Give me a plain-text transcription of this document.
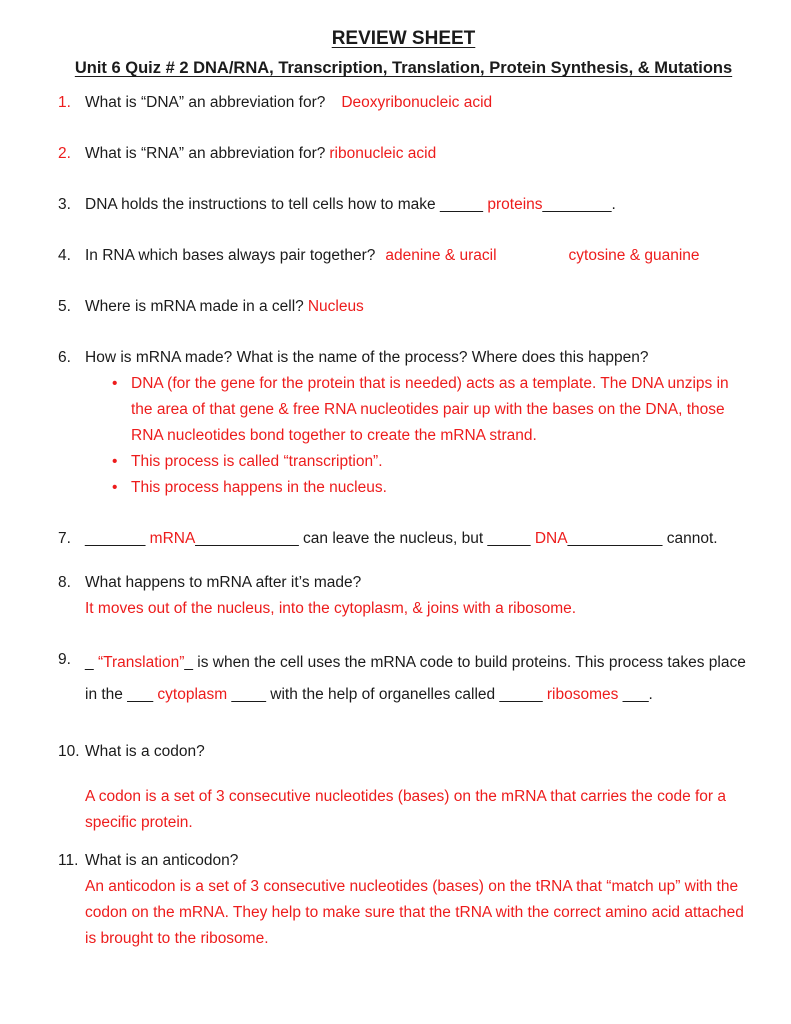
REVIEW SHEET
Unit 6 Quiz # 2 DNA/RNA, Transcription, Translation, Protein Synthesis, & Mutations
1. What is “DNA” an abbreviation for? Deoxyribonucleic acid
2. What is “RNA” an abbreviation for? ribonucleic acid
3. DNA holds the instructions to tell cells how to make _____ proteins________.
4. In RNA which bases always pair together? adenine & uracil	cytosine & guanine
5. Where is mRNA made in a cell? Nucleus
6. How is mRNA made? What is the name of the process? Where does this happen?
• DNA (for the gene for the protein that is needed) acts as a template. The DNA unzips in the area of that gene & free RNA nucleotides pair up with the bases on the DNA, those RNA nucleotides bond together to create the mRNA strand.
• This process is called “transcription”.
• This process happens in the nucleus.
7. _______ mRNA____________ can leave the nucleus, but _____ DNA___________ cannot.
8. What happens to mRNA after it’s made?
It moves out of the nucleus, into the cytoplasm, & joins with a ribosome.
9. _ “Translation”_ is when the cell uses the mRNA code to build proteins. This process takes place in the ___ cytoplasm ____ with the help of organelles called _____ ribosomes ___.
10. What is a codon?
A codon is a set of 3 consecutive nucleotides (bases) on the mRNA that carries the code for a specific protein.
11. What is an anticodon?
An anticodon is a set of 3 consecutive nucleotides (bases) on the tRNA that “match up” with the codon on the mRNA. They help to make sure that the tRNA with the correct amino acid attached is brought to the ribosome.
